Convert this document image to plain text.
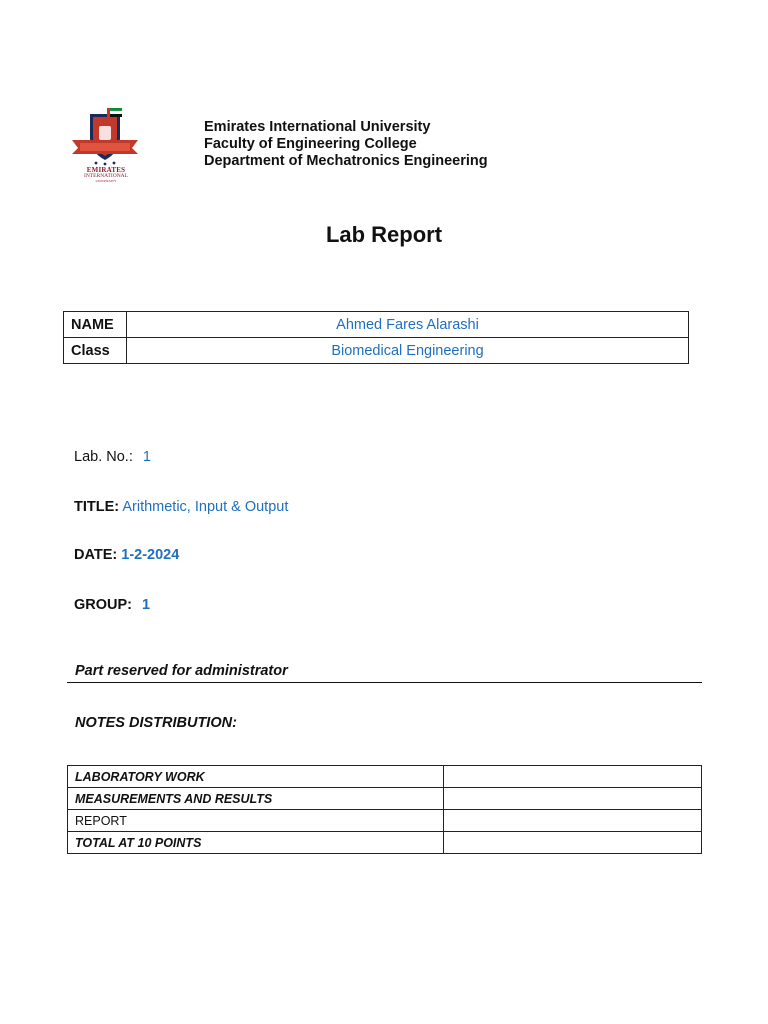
EMIRATES
INTERNATIONAL
UNIVERSITY
Emirates International University
Faculty of Engineering College
Department of Mechatronics Engineering
Lab Report
NAME	Ahmed Fares Alarashi
Class	Biomedical Engineering
Lab. No.: 1
TITLE: Arithmetic, Input & Output
DATE: 1-2-2024
GROUP: 1
Part reserved for administrator
NOTES DISTRIBUTION:
LABORATORY WORK	
MEASUREMENTS AND RESULTS	
REPORT	
TOTAL AT 10 POINTS	
